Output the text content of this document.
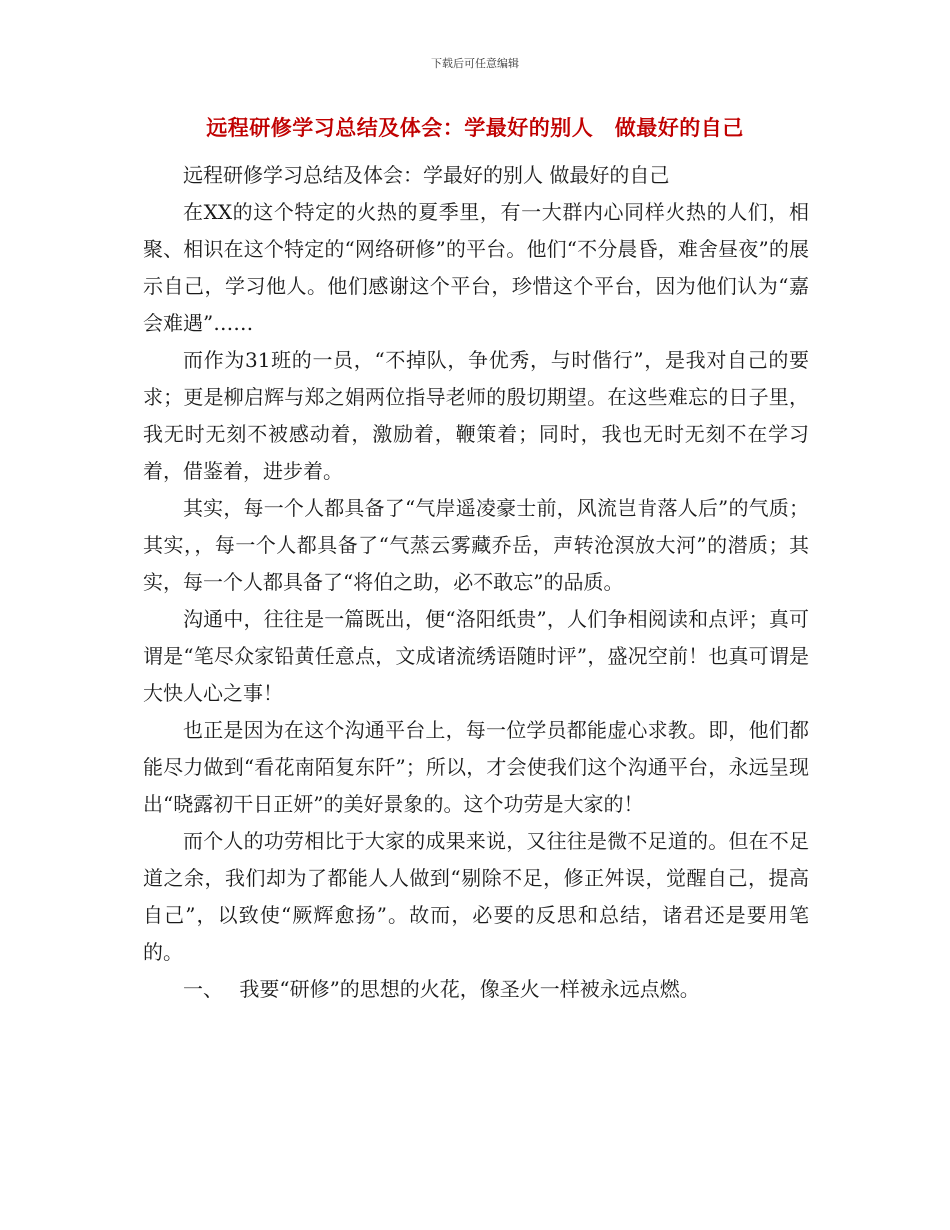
下载后可任意编辑
远程研修学习总结及体会：学最好的别人　做最好的自己

远程研修学习总结及体会：学最好的别人 做最好的自己

在XX的这个特定的火热的夏季里，有一大群内心同样火热的人们，相聚、相识在这个特定的“网络研修”的平台。他们“不分晨昏，难舍昼夜”的展示自己，学习他人。他们感谢这个平台，珍惜这个平台，因为他们认为“嘉会难遇”……

而作为31班的一员，“不掉队，争优秀，与时偕行”，是我对自己的要求；更是柳启辉与郑之娟两位指导老师的殷切期望。在这些难忘的日子里，我无时无刻不被感动着，激励着，鞭策着；同时，我也无时无刻不在学习着，借鉴着，进步着。

其实，每一个人都具备了“气岸遥凌豪士前，风流岂肯落人后”的气质；其实，，每一个人都具备了“气蒸云雾藏乔岳，声转沧溟放大河”的潜质；其实，每一个人都具备了“将伯之助，必不敢忘”的品质。

沟通中，往往是一篇既出，便“洛阳纸贵”，人们争相阅读和点评；真可谓是“笔尽众家铅黄任意点，文成诸流绣语随时评”，盛况空前！也真可谓是大快人心之事！

也正是因为在这个沟通平台上，每一位学员都能虚心求教。即，他们都能尽力做到“看花南陌复东阡”；所以，才会使我们这个沟通平台，永远呈现出“晓露初干日正妍”的美好景象的。这个功劳是大家的！

而个人的功劳相比于大家的成果来说，又往往是微不足道的。但在不足道之余，我们却为了都能人人做到“剔除不足，修正舛误，觉醒自己，提高自己”，以致使“厥辉愈扬”。故而，必要的反思和总结，诸君还是要用笔的。

一、　 我要“研修”的思想的火花，像圣火一样被永远点燃。
